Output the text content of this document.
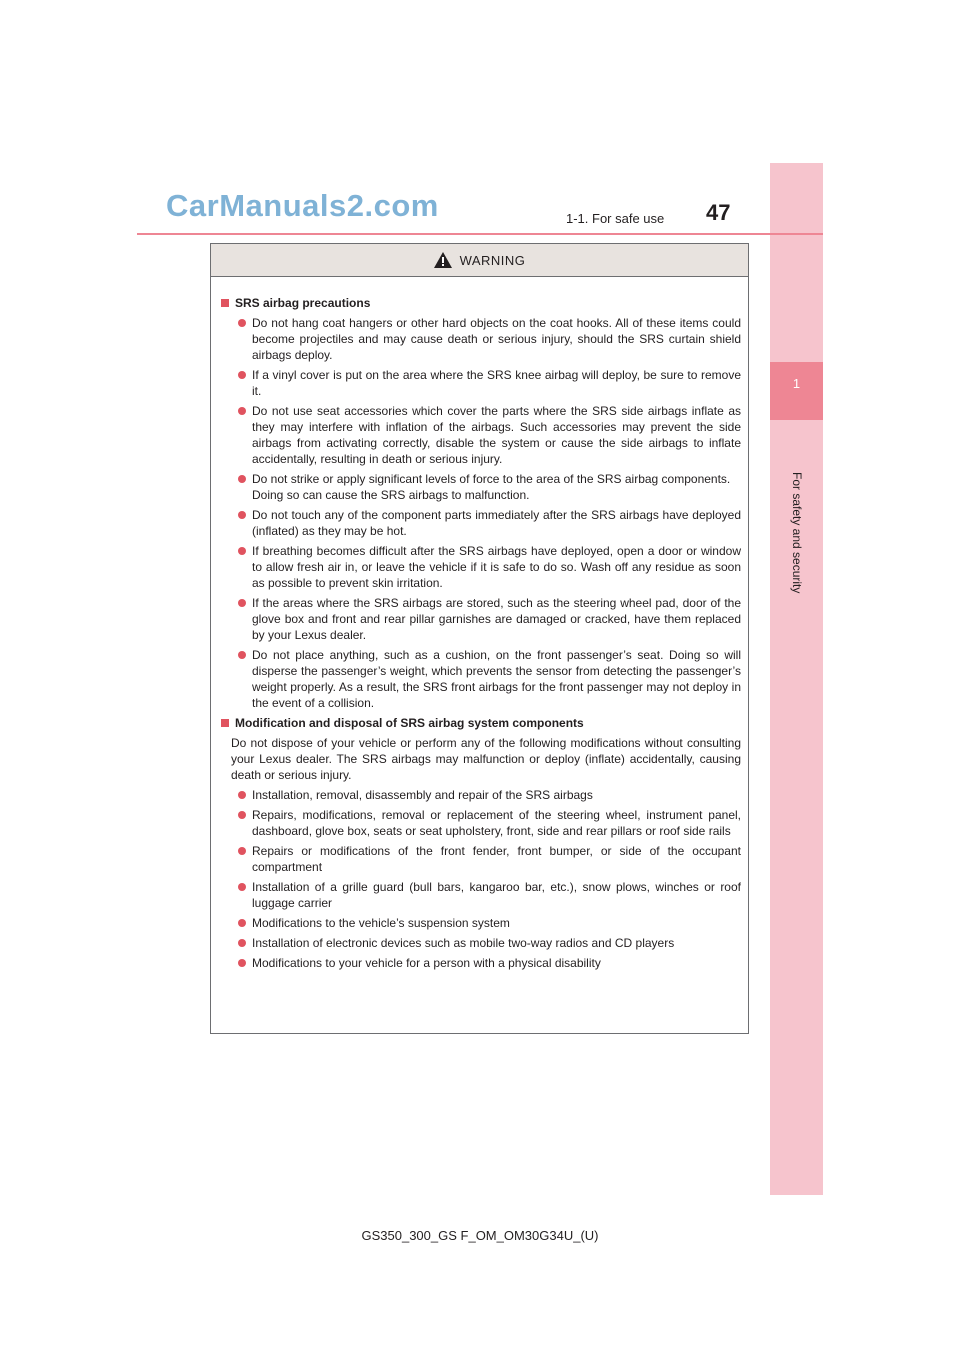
1
For safety and security
CarManuals2.com	1-1. For safe use 47
WARNING
SRS airbag precautions
Do not hang coat hangers or other hard objects on the coat hooks. All of these items could become projectiles and may cause death or serious injury, should the SRS curtain shield airbags deploy.
If a vinyl cover is put on the area where the SRS knee airbag will deploy, be sure to remove it.
Do not use seat accessories which cover the parts where the SRS side airbags inflate as they may interfere with inflation of the airbags. Such accessories may prevent the side airbags from activating correctly, disable the system or cause the side airbags to inflate accidentally, resulting in death or serious injury.
Do not strike or apply significant levels of force to the area of the SRS airbag components.
Doing so can cause the SRS airbags to malfunction.
Do not touch any of the component parts immediately after the SRS airbags have deployed (inflated) as they may be hot.
If breathing becomes difficult after the SRS airbags have deployed, open a door or window to allow fresh air in, or leave the vehicle if it is safe to do so. Wash off any residue as soon as possible to prevent skin irritation.
If the areas where the SRS airbags are stored, such as the steering wheel pad, door of the glove box and front and rear pillar garnishes are damaged or cracked, have them replaced by your Lexus dealer.
Do not place anything, such as a cushion, on the front passenger’s seat. Doing so will disperse the passenger’s weight, which prevents the sensor from detecting the passenger’s weight properly. As a result, the SRS front airbags for the front passenger may not deploy in the event of a collision.
Modification and disposal of SRS airbag system components
Do not dispose of your vehicle or perform any of the following modifications without consulting your Lexus dealer. The SRS airbags may malfunction or deploy (inflate) accidentally, causing death or serious injury.
Installation, removal, disassembly and repair of the SRS airbags
Repairs, modifications, removal or replacement of the steering wheel, instrument panel, dashboard, glove box, seats or seat upholstery, front, side and rear pillars or roof side rails
Repairs or modifications of the front fender, front bumper, or side of the occupant compartment
Installation of a grille guard (bull bars, kangaroo bar, etc.), snow plows, winches or roof luggage carrier
Modifications to the vehicle’s suspension system
Installation of electronic devices such as mobile two-way radios and CD players
Modifications to your vehicle for a person with a physical disability
GS350_300_GS F_OM_OM30G34U_(U)
